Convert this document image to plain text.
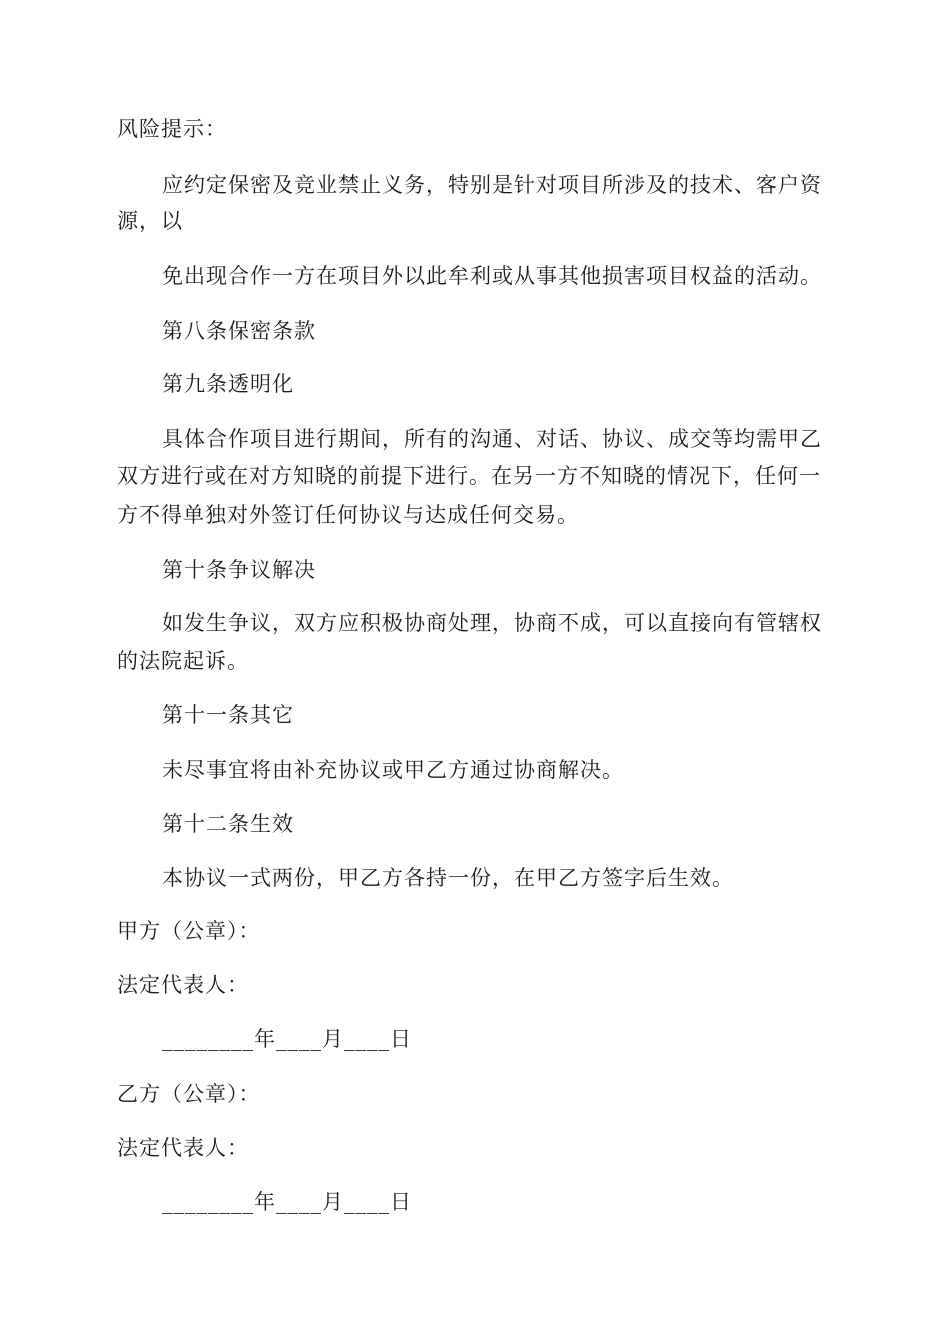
风险提示：
应约定保密及竞业禁止义务，特别是针对项目所涉及的技术、客户资
源，以
免出现合作一方在项目外以此牟利或从事其他损害项目权益的活动。
第八条保密条款
第九条透明化
具体合作项目进行期间，所有的沟通、对话、协议、成交等均需甲乙
双方进行或在对方知晓的前提下进行。在另一方不知晓的情况下，任何一
方不得单独对外签订任何协议与达成任何交易。
第十条争议解决
如发生争议，双方应积极协商处理，协商不成，可以直接向有管辖权
的法院起诉。
第十一条其它
未尽事宜将由补充协议或甲乙方通过协商解决。
第十二条生效
本协议一式两份，甲乙方各持一份，在甲乙方签字后生效。
甲方（公章）：
法定代表人：
________年____月____日
乙方（公章）：
法定代表人：
________年____月____日
